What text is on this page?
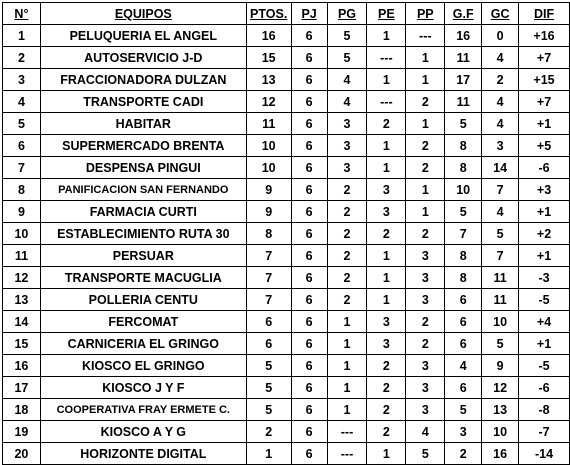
N°	EQUIPOS	PTOS.	PJ	PG	PE	PP	G.F	GC	DIF
1	PELUQUERIA EL ANGEL	16	6	5	1	---	16	0	+16
2	AUTOSERVICIO J-D	15	6	5	---	1	11	4	+7
3	FRACCIONADORA DULZAN	13	6	4	1	1	17	2	+15
4	TRANSPORTE CADI	12	6	4	---	2	11	4	+7
5	HABITAR	11	6	3	2	1	5	4	+1
6	SUPERMERCADO BRENTA	10	6	3	1	2	8	3	+5
7	DESPENSA PINGUI	10	6	3	1	2	8	14	-6
8	PANIFICACION SAN FERNANDO	9	6	2	3	1	10	7	+3
9	FARMACIA CURTI	9	6	2	3	1	5	4	+1
10	ESTABLECIMIENTO RUTA 30	8	6	2	2	2	7	5	+2
11	PERSUAR	7	6	2	1	3	8	7	+1
12	TRANSPORTE MACUGLIA	7	6	2	1	3	8	11	-3
13	POLLERIA CENTU	7	6	2	1	3	6	11	-5
14	FERCOMAT	6	6	1	3	2	6	10	+4
15	CARNICERIA EL GRINGO	6	6	1	3	2	6	5	+1
16	KIOSCO EL GRINGO	5	6	1	2	3	4	9	-5
17	KIOSCO J Y F	5	6	1	2	3	6	12	-6
18	COOPERATIVA FRAY ERMETE C.	5	6	1	2	3	5	13	-8
19	KIOSCO A Y G	2	6	---	2	4	3	10	-7
20	HORIZONTE DIGITAL	1	6	---	1	5	2	16	-14
